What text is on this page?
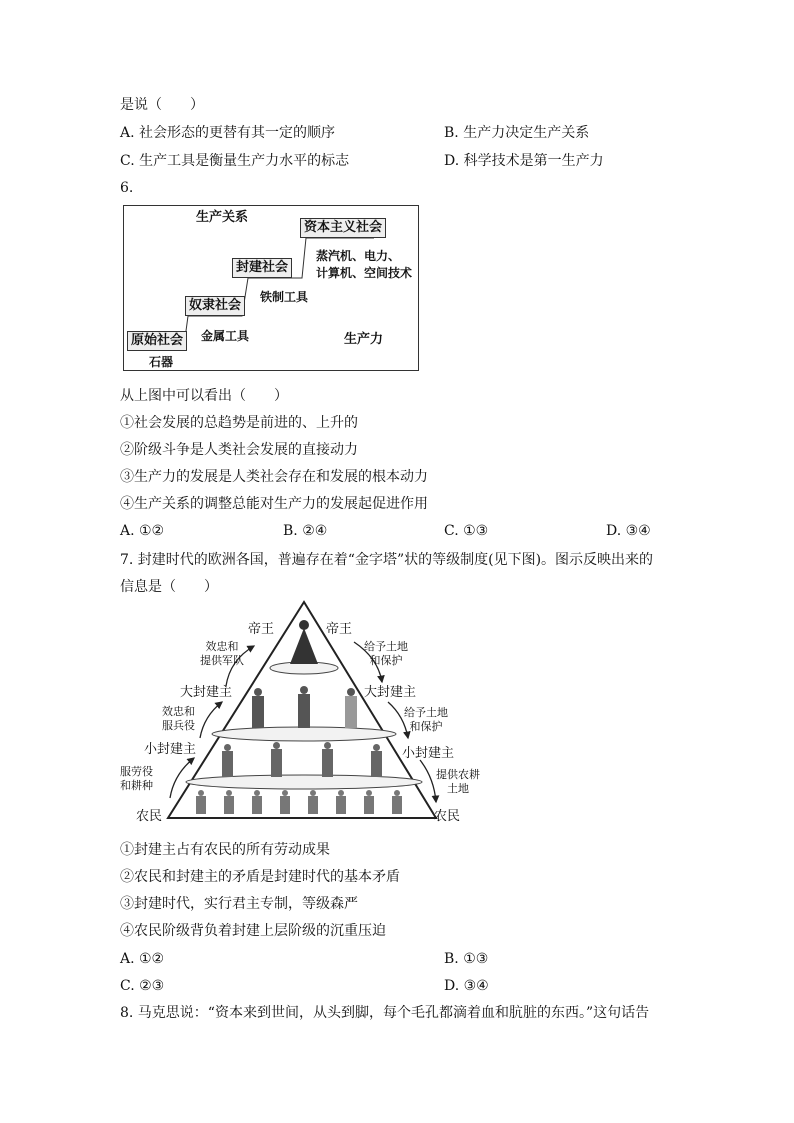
是说（　　）
A. 社会形态的更替有其一定的顺序	B. 生产力决定生产关系
C. 生产工具是衡量生产力水平的标志	D. 科学技术是第一生产力
6.
生产关系
生产力
原始社会
奴隶社会
封建社会
资本主义社会
石器
金属工具
铁制工具
蒸汽机、电力、
计算机、空间技术
从上图中可以看出（　　）
①社会发展的总趋势是前进的、上升的
②阶级斗争是人类社会发展的直接动力
③生产力的发展是人类社会存在和发展的根本动力
④生产关系的调整总能对生产力的发展起促进作用
A. ①②	B. ②④	C. ①③	D. ③④
7. 封建时代的欧洲各国，普遍存在着“金字塔”状的等级制度(见下图)。图示反映出来的
信息是（　　）
帝王	帝王
大封建主	大封建主
小封建主	小封建主
农民	农民
效忠和
提供军队
效忠和
服兵役
服劳役
和耕种
给予土地
和保护
给予土地
和保护
提供农耕
土地
①封建主占有农民的所有劳动成果
②农民和封建主的矛盾是封建时代的基本矛盾
③封建时代，实行君主专制，等级森严
④农民阶级背负着封建上层阶级的沉重压迫
A. ①②	B. ①③
C. ②③	D. ③④
8. 马克思说：“资本来到世间，从头到脚，每个毛孔都滴着血和肮脏的东西。”这句话告
